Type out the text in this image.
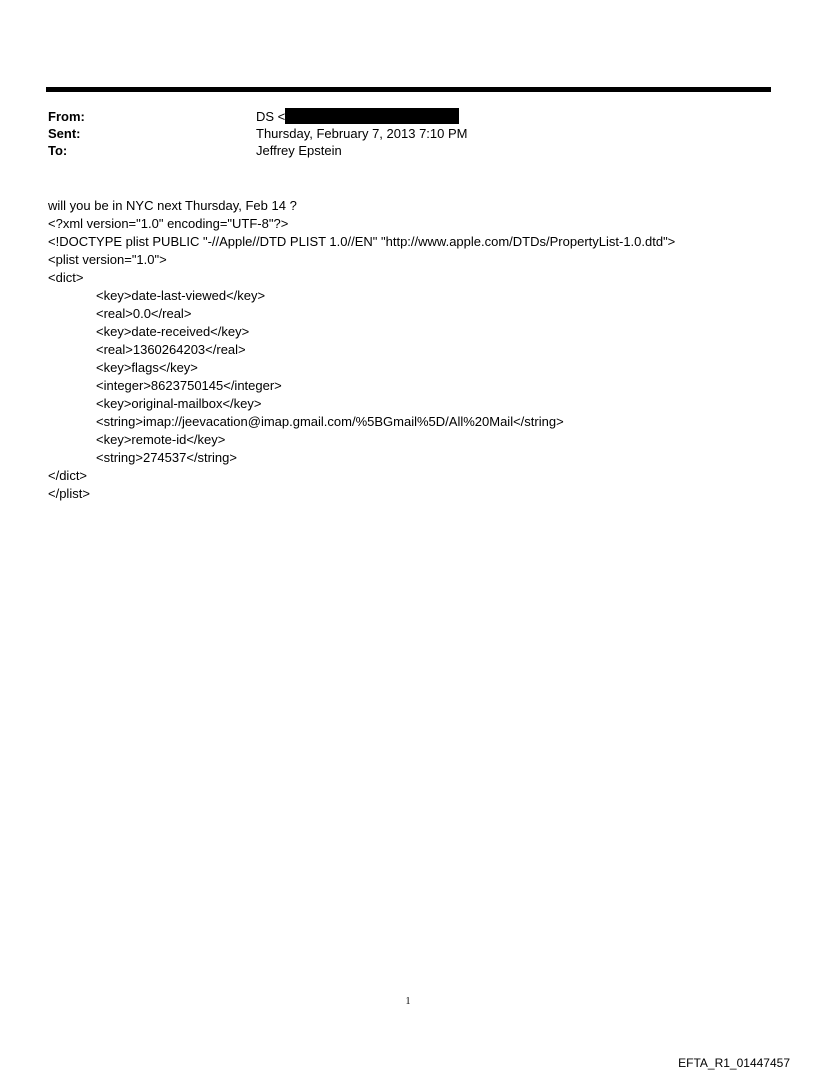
From:	DS <
Sent:	Thursday, February 7, 2013 7:10 PM
To:	Jeffrey Epstein
will you be in NYC next Thursday, Feb 14 ?
<?xml version="1.0" encoding="UTF-8"?>
<!DOCTYPE plist PUBLIC "-//Apple//DTD PLIST 1.0//EN" "http://www.apple.com/DTDs/PropertyList-1.0.dtd">
<plist version="1.0">
<dict>
<key>date-last-viewed</key>
<real>0.0</real>
<key>date-received</key>
<real>1360264203</real>
<key>flags</key>
<integer>8623750145</integer>
<key>original-mailbox</key>
<string>imap://jeevacation@imap.gmail.com/%5BGmail%5D/All%20Mail</string>
<key>remote-id</key>
<string>274537</string>
</dict>
</plist>
1
EFTA_R1_01447457
